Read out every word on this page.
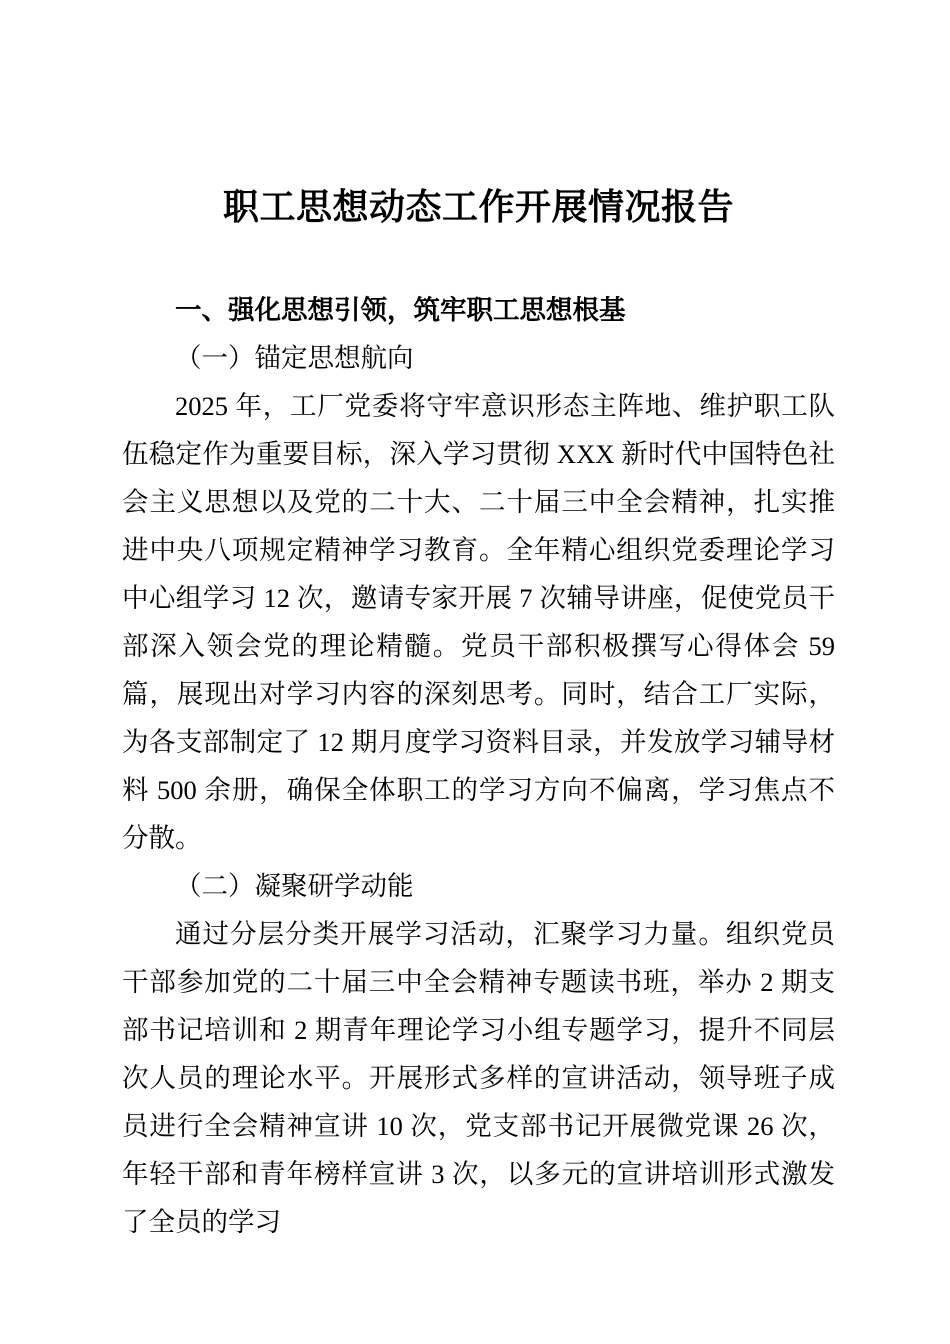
职工思想动态工作开展情况报告

一、强化思想引领，筑牢职工思想根基

（一）锚定思想航向

2025 年，工厂党委将守牢意识形态主阵地、维护职工队伍稳定作为重要目标，深入学习贯彻 XXX 新时代中国特色社会主义思想以及党的二十大、二十届三中全会精神，扎实推进中央八项规定精神学习教育。全年精心组织党委理论学习中心组学习 12 次，邀请专家开展 7 次辅导讲座，促使党员干部深入领会党的理论精髓。党员干部积极撰写心得体会 59 篇，展现出对学习内容的深刻思考。同时，结合工厂实际，为各支部制定了 12 期月度学习资料目录，并发放学习辅导材料 500 余册，确保全体职工的学习方向不偏离，学习焦点不分散。

（二）凝聚研学动能

通过分层分类开展学习活动，汇聚学习力量。组织党员干部参加党的二十届三中全会精神专题读书班，举办 2 期支部书记培训和 2 期青年理论学习小组专题学习，提升不同层次人员的理论水平。开展形式多样的宣讲活动，领导班子成员进行全会精神宣讲 10 次，党支部书记开展微党课 26 次，年轻干部和青年榜样宣讲 3 次，以多元的宣讲培训形式激发了全员的学习
